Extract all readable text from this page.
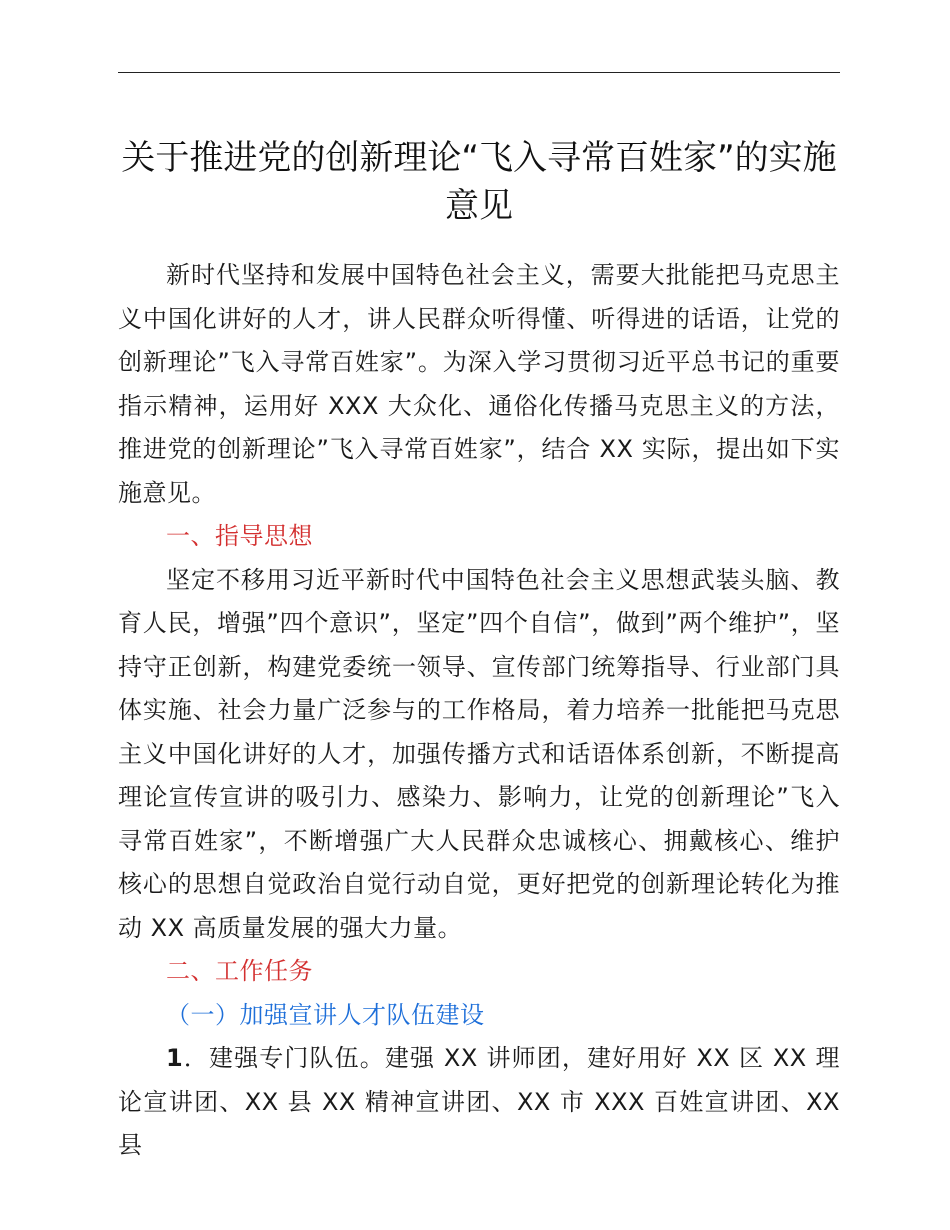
关于推进党的创新理论“飞入寻常百姓家”的实施意见

新时代坚持和发展中国特色社会主义，需要大批能把马克思主义中国化讲好的人才，讲人民群众听得懂、听得进的话语，让党的创新理论”飞入寻常百姓家”。为深入学习贯彻习近平总书记的重要指示精神，运用好 XXX 大众化、通俗化传播马克思主义的方法，推进党的创新理论”飞入寻常百姓家”，结合 XX 实际，提出如下实施意见。

一、指导思想

坚定不移用习近平新时代中国特色社会主义思想武装头脑、教育人民，增强”四个意识”，坚定”四个自信”，做到”两个维护”，坚持守正创新，构建党委统一领导、宣传部门统筹指导、行业部门具体实施、社会力量广泛参与的工作格局，着力培养一批能把马克思主义中国化讲好的人才，加强传播方式和话语体系创新，不断提高理论宣传宣讲的吸引力、感染力、影响力，让党的创新理论”飞入寻常百姓家”，不断增强广大人民群众忠诚核心、拥戴核心、维护核心的思想自觉政治自觉行动自觉，更好把党的创新理论转化为推动 XX 高质量发展的强大力量。

二、工作任务

（一）加强宣讲人才队伍建设

1．建强专门队伍。建强 XX 讲师团，建好用好 XX 区 XX 理论宣讲团、XX 县 XX 精神宣讲团、XX 市 XXX 百姓宣讲团、XX 县
